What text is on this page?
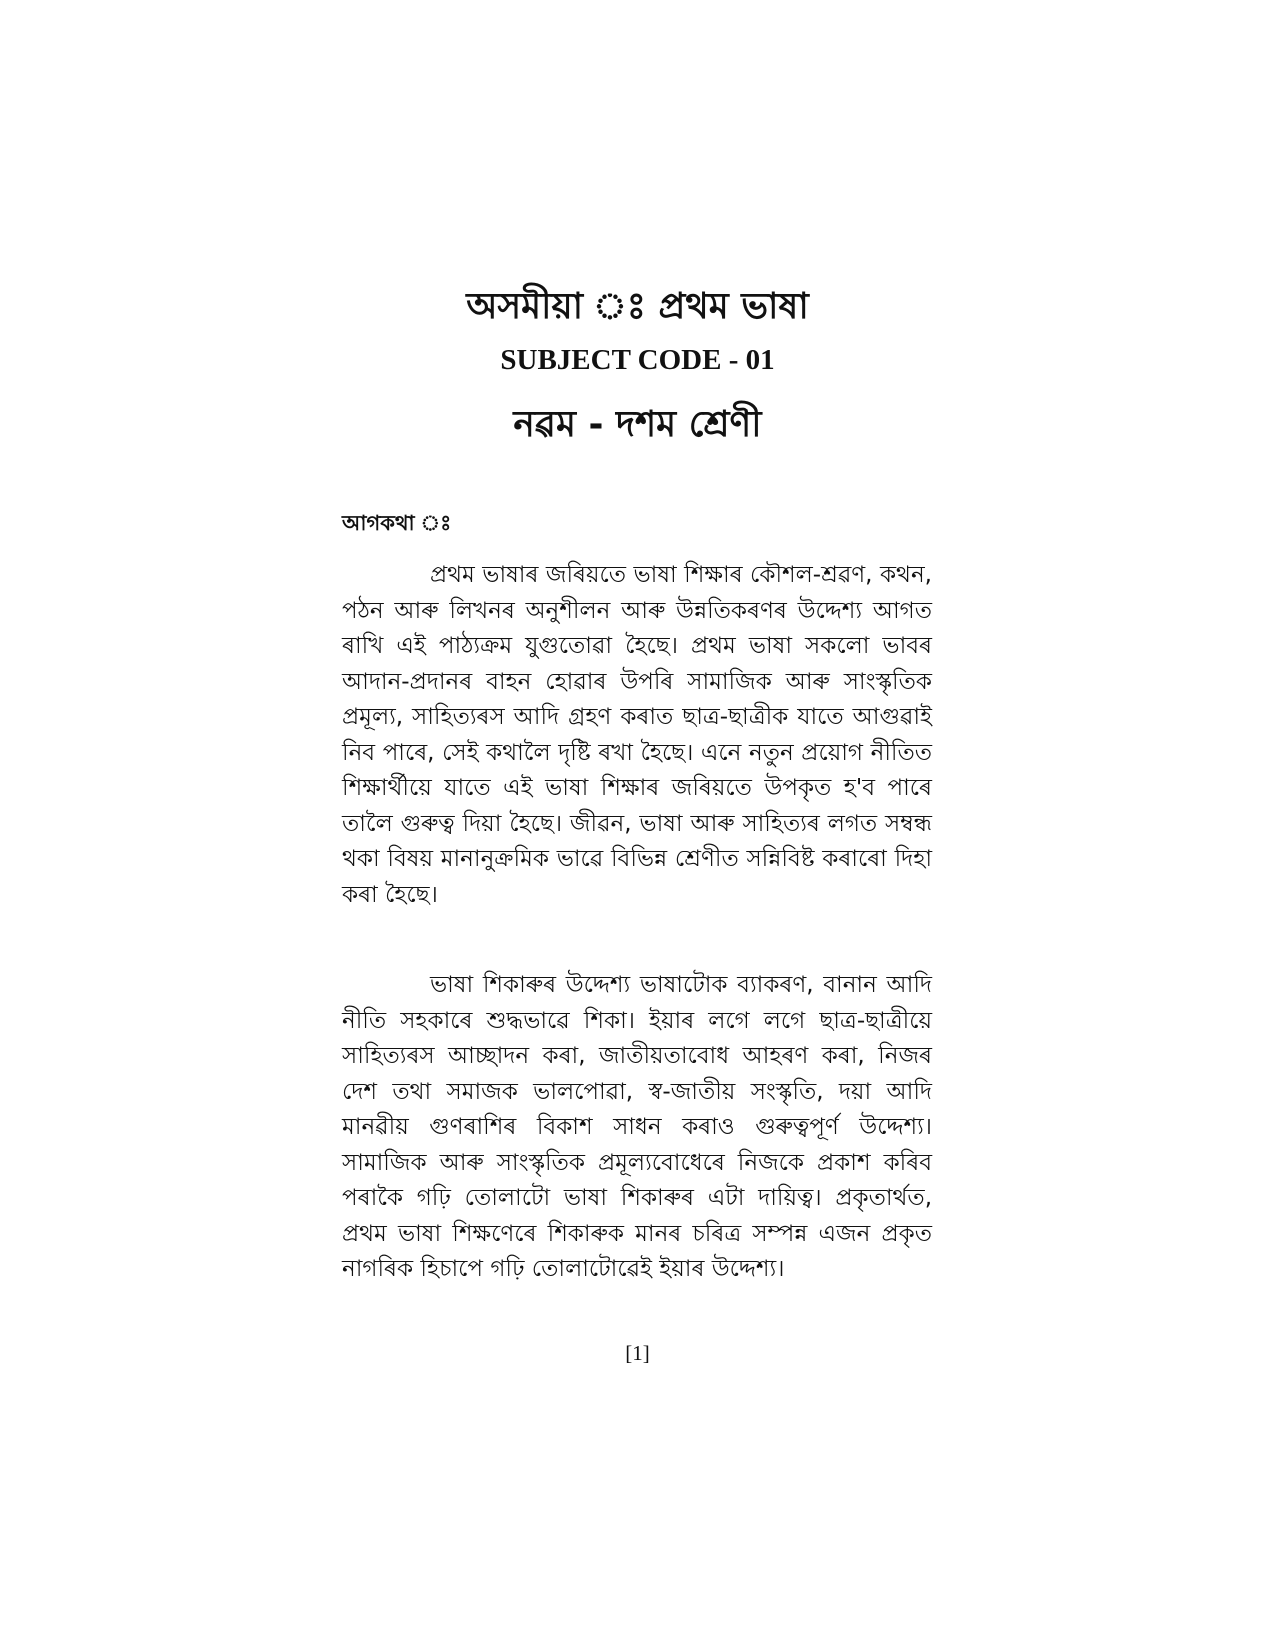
অসমীয়া ঃ প্ৰথম ভাষা
SUBJECT CODE - 01
নৱম - দশম শ্ৰেণী
আগকথা ঃ

প্ৰথম ভাষাৰ জৰিয়তে ভাষা শিক্ষাৰ কৌশল-শ্ৰৱণ, কথন, পঠন আৰু লিখনৰ অনুশীলন আৰু উন্নতিকৰণৰ উদ্দেশ্য আগত ৰাখি এই পাঠ্যক্ৰম যুগুতোৱা হৈছে। প্ৰথম ভাষা সকলো ভাবৰ আদান-প্ৰদানৰ বাহন হোৱাৰ উপৰি সামাজিক আৰু সাংস্কৃতিক প্ৰমূল্য, সাহিত্যৰস আদি গ্ৰহণ কৰাত ছাত্ৰ-ছাত্ৰীক যাতে আগুৱাই নিব পাৰে, সেই কথালৈ দৃষ্টি ৰখা হৈছে। এনে নতুন প্ৰয়োগ নীতিত শিক্ষাৰ্থীয়ে যাতে এই ভাষা শিক্ষাৰ জৰিয়তে উপকৃত হ'ব পাৰে তালৈ গুৰুত্ব দিয়া হৈছে। জীৱন, ভাষা আৰু সাহিত্যৰ লগত সম্বন্ধ থকা বিষয় মানানুক্ৰমিক ভাৱে বিভিন্ন শ্ৰেণীত সন্নিবিষ্ট কৰাৰো দিহা কৰা হৈছে।

ভাষা শিকাৰুৰ উদ্দেশ্য ভাষাটোক ব্যাকৰণ, বানান আদি নীতি সহকাৰে শুদ্ধভাৱে শিকা। ইয়াৰ লগে লগে ছাত্ৰ-ছাত্ৰীয়ে সাহিত্যৰস আচ্ছাদন কৰা, জাতীয়তাবোধ আহৰণ কৰা, নিজৰ দেশ তথা সমাজক ভালপোৱা, স্ব-জাতীয় সংস্কৃতি, দয়া আদি মানৱীয় গুণৰাশিৰ বিকাশ সাধন কৰাও গুৰুত্বপূৰ্ণ উদ্দেশ্য। সামাজিক আৰু সাংস্কৃতিক প্ৰমূল্যবোধেৰে নিজকে প্ৰকাশ কৰিব পৰাকৈ গঢ়ি তোলাটো ভাষা শিকাৰুৰ এটা দায়িত্ব। প্ৰকৃতাৰ্থত, প্ৰথম ভাষা শিক্ষণেৰে শিকাৰুক মানৰ চৰিত্ৰ সম্পন্ন এজন প্ৰকৃত নাগৰিক হিচাপে গঢ়ি তোলাটোৱেই ইয়াৰ উদ্দেশ্য।

[1]
